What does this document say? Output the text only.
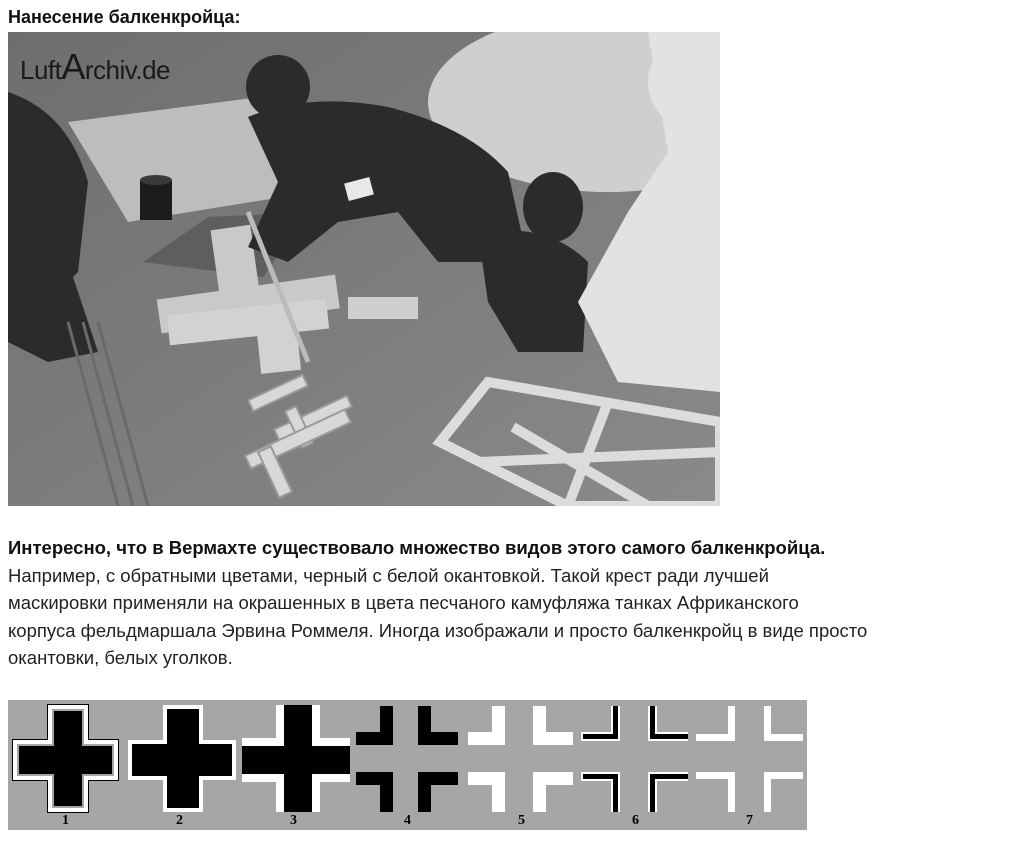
Нанесение балкенкройца:
LuftArchiv.de
Интересно, что в Вермахте существовало множество видов этого самого балкенкройца.
Например, с обратными цветами, черный с белой окантовкой. Такой крест ради лучшей
маскировки применяли на окрашенных в цвета песчаного камуфляжа танках Африканского
корпуса фельдмаршала Эрвина Роммеля. Иногда изображали и просто балкенкройц в виде просто
окантовки, белых уголков.
1	2	3	4	5	6	7
